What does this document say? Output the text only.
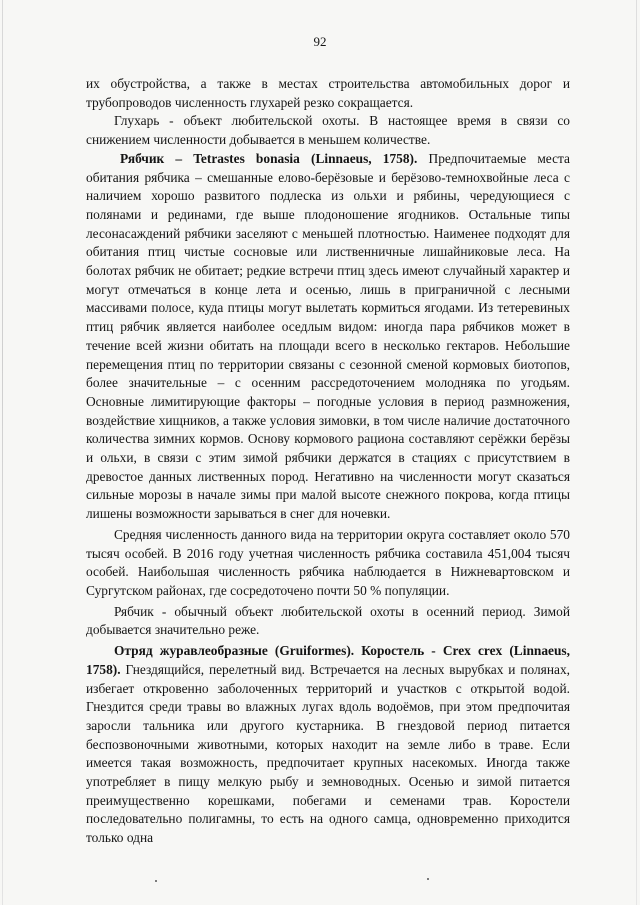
92

их обустройства, а также в местах строительства автомобильных дорог и трубопроводов численность глухарей резко сокращается.

Глухарь - объект любительской охоты. В настоящее время в связи со снижением численности добывается в меньшем количестве.

Рябчик – Tetrastes bonasia (Linnaeus, 1758). Предпочитаемые места обитания рябчика – смешанные елово-берёзовые и берёзово-темнохвойные леса с наличием хорошо развитого подлеска из ольхи и рябины, чередующиеся с полянами и рединами, где выше плодоношение ягодников. Остальные типы лесонасаждений рябчики заселяют с меньшей плотностью. Наименее подходят для обитания птиц чистые сосновые или лиственничные лишайниковые леса. На болотах рябчик не обитает; редкие встречи птиц здесь имеют случайный характер и могут отмечаться в конце лета и осенью, лишь в приграничной с лесными массивами полосе, куда птицы могут вылетать кормиться ягодами. Из тетеревиных птиц рябчик является наиболее оседлым видом: иногда пара рябчиков может в течение всей жизни обитать на площади всего в несколько гектаров. Небольшие перемещения птиц по территории связаны с сезонной сменой кормовых биотопов, более значительные – с осенним рассредоточением молодняка по угодьям. Основные лимитирующие факторы – погодные условия в период размножения, воздействие хищников, а также условия зимовки, в том числе наличие достаточного количества зимних кормов. Основу кормового рациона составляют серёжки берёзы и ольхи, в связи с этим зимой рябчики держатся в стациях с присутствием в древостое данных лиственных пород. Негативно на численности могут сказаться сильные морозы в начале зимы при малой высоте снежного покрова, когда птицы лишены возможности зарываться в снег для ночевки.

Средняя численность данного вида на территории округа составляет около 570 тысяч особей. В 2016 году учетная численность рябчика составила 451,004 тысяч особей. Наибольшая численность рябчика наблюдается в Нижневартовском и Сургутском районах, где сосредоточено почти 50 % популяции.

Рябчик - обычный объект любительской охоты в осенний период. Зимой добывается значительно реже.

Отряд журавлеобразные (Gruiformes). Коростель - Crex crex (Linnaeus, 1758). Гнездящийся, перелетный вид. Встречается на лесных вырубках и полянах, избегает откровенно заболоченных территорий и участков с открытой водой. Гнездится среди травы во влажных лугах вдоль водоёмов, при этом предпочитая заросли тальника или другого кустарника. В гнездовой период питается беспозвоночными животными, которых находит на земле либо в траве. Если имеется такая возможность, предпочитает крупных насекомых. Иногда также употребляет в пищу мелкую рыбу и земноводных. Осенью и зимой питается преимущественно корешками, побегами и семенами трав. Коростели последовательно полигамны, то есть на одного самца, одновременно приходится только одна
